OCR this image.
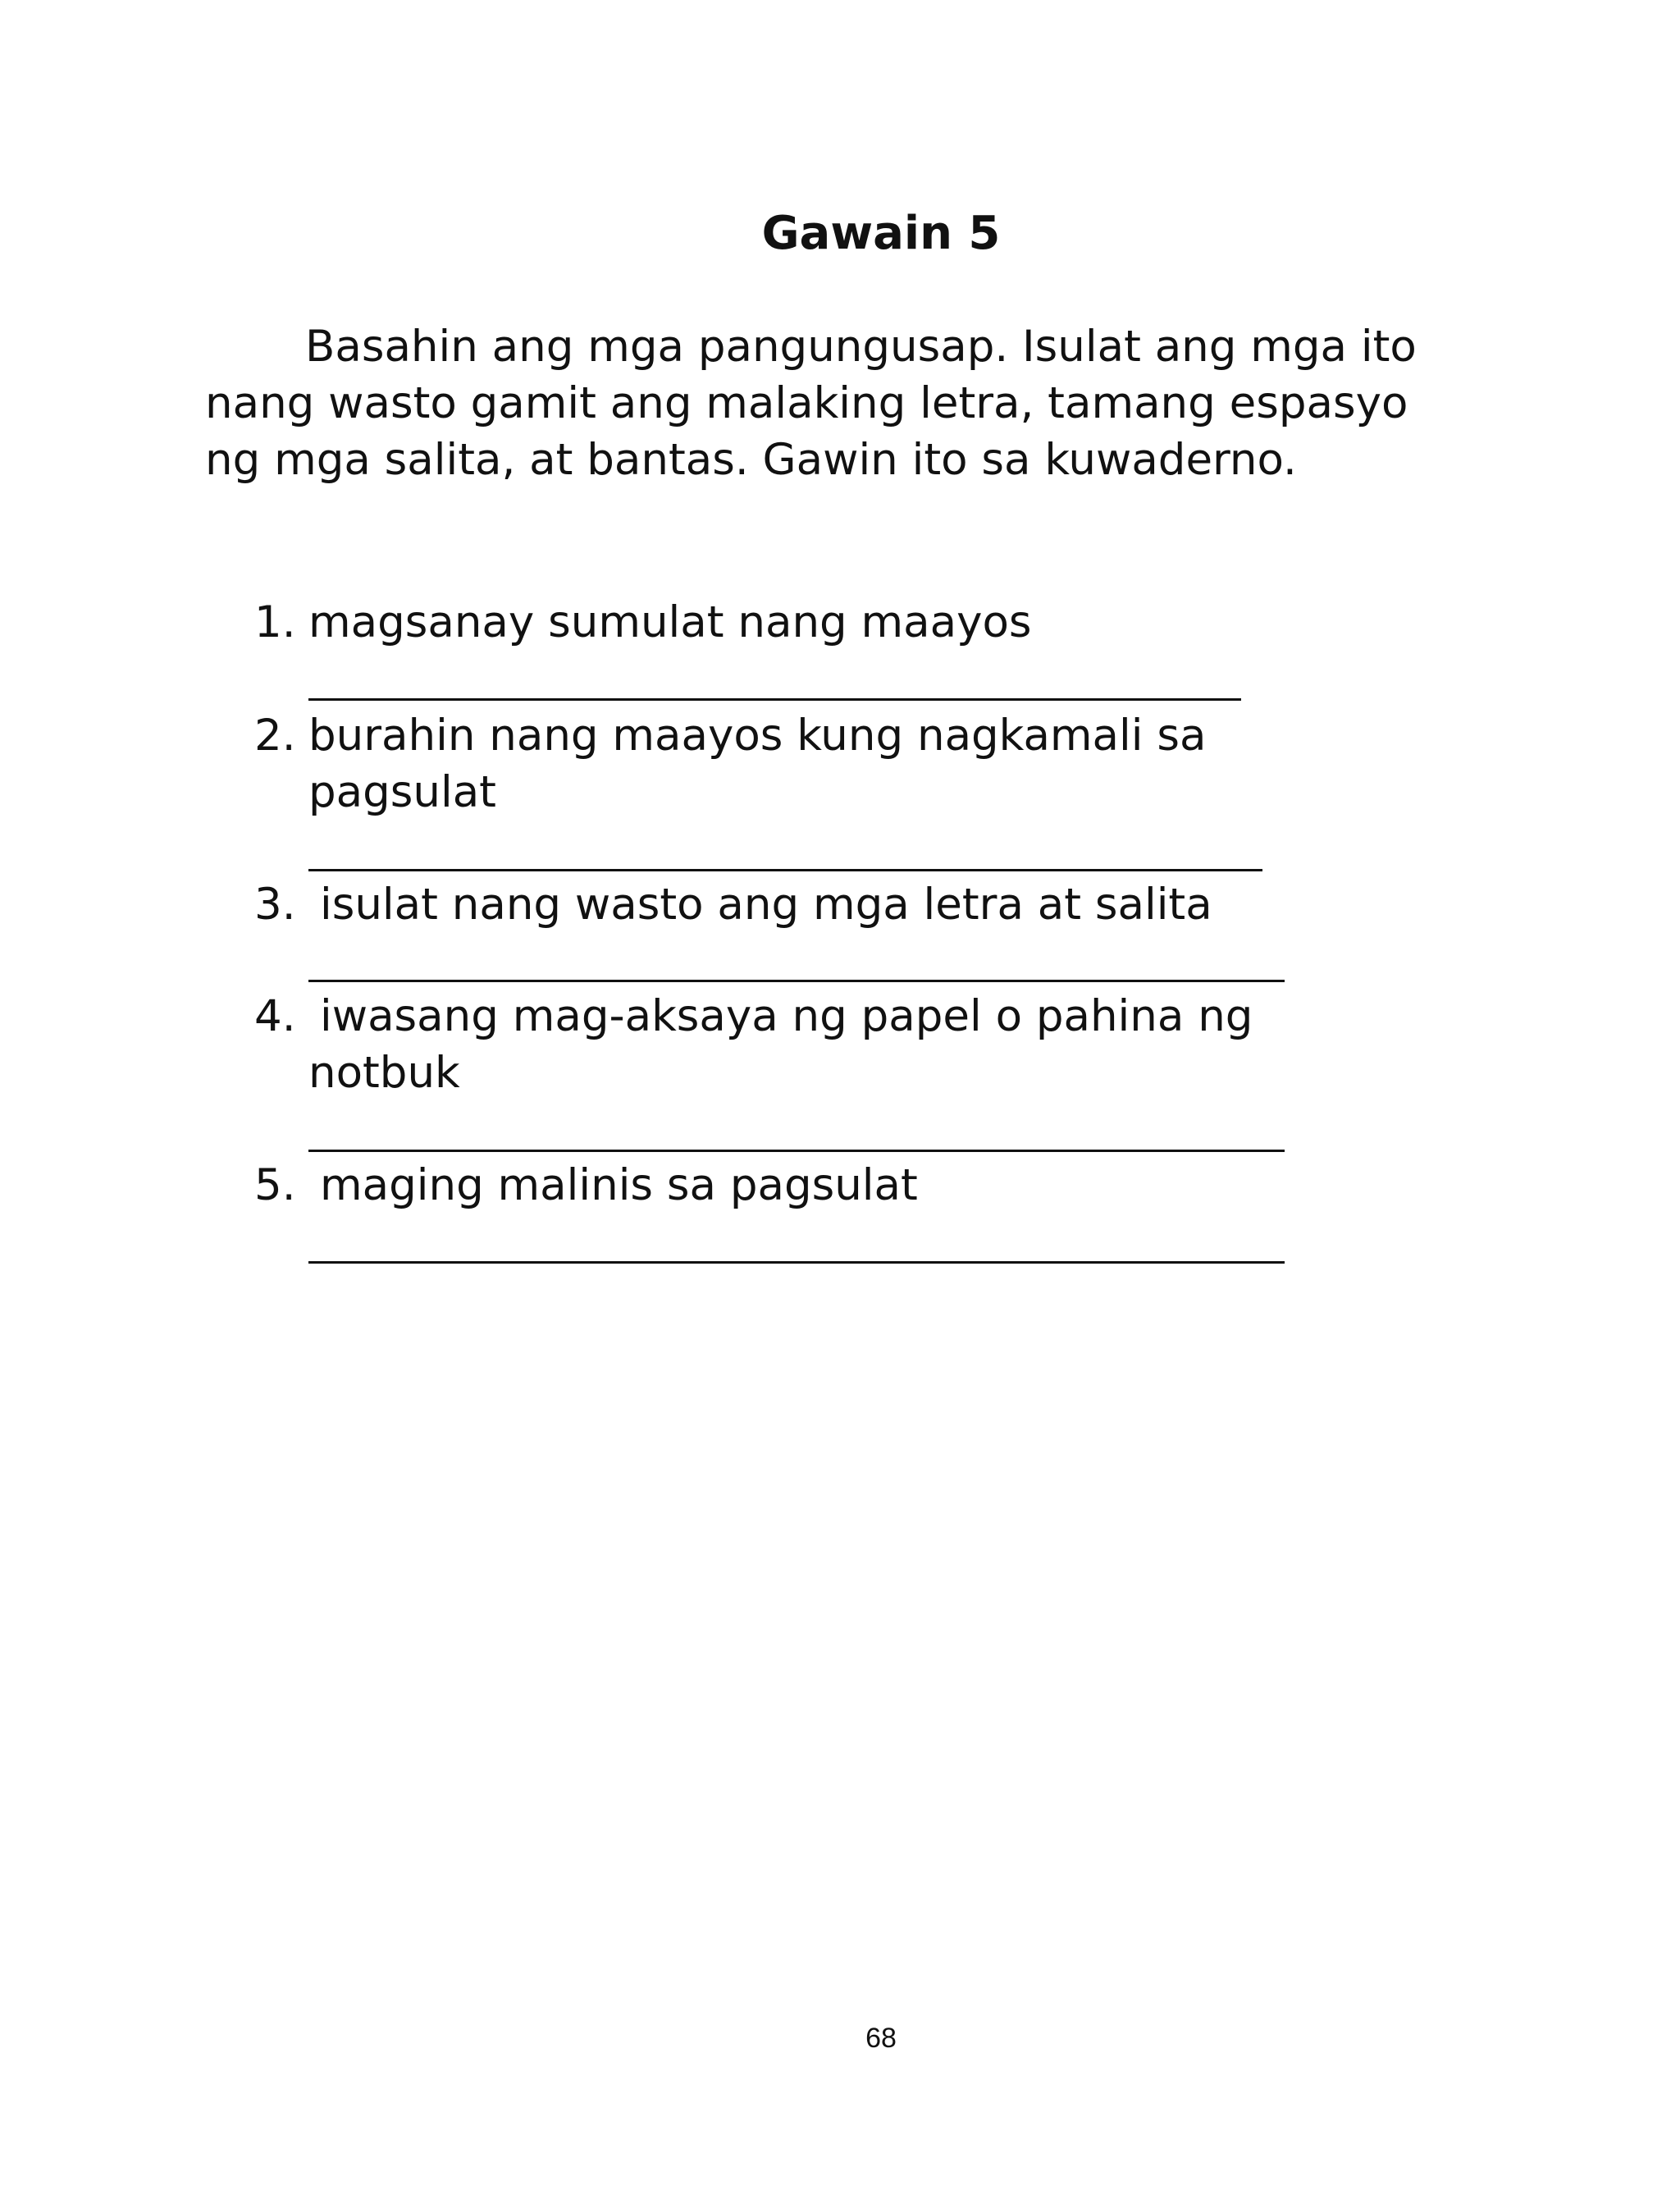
Gawain 5

Basahin ang mga pangungusap. Isulat ang mga ito nang wasto gamit ang malaking letra, tamang espasyo ng mga salita, at bantas. Gawin ito sa kuwaderno.

1. magsanay sumulat nang maayos
2. burahin nang maayos kung nagkamali sa
pagsulat
3. isulat nang wasto ang mga letra at salita
4. iwasang mag-aksaya ng papel o pahina ng
notbuk
5. maging malinis sa pagsulat
68
